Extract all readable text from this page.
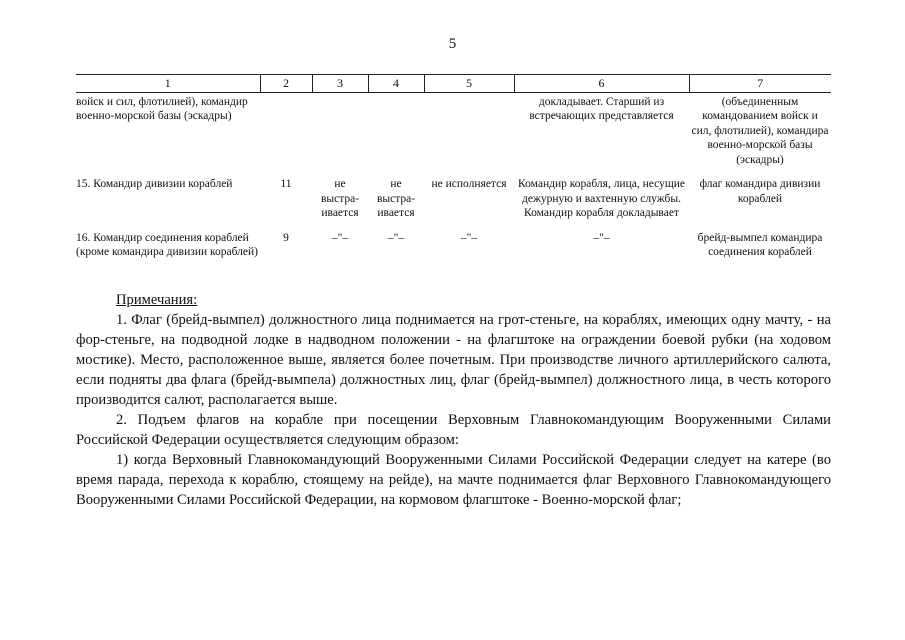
5
1	2	3	4	5	6	7
войск и сил, флотилией), командир военно-морской базы (эскадры)					докладывает. Старший из встречающих представляется	(объединенным командованием войск и сил, флотилией), командира военно-морской базы (эскадры)
15. Командир дивизии кораблей	11	не выстра-ивается	не выстра-ивается	не исполняется	Командир корабля, лица, несущие дежурную и вахтенную службы. Командир корабля докладывает	флаг командира дивизии кораблей
16. Командир соединения кораблей (кроме командира дивизии кораблей)	9	–"–	–"–	–"–	–"–	брейд-вымпел командира соединения кораблей

Примечания:

1. Флаг (брейд-вымпел) должностного лица поднимается на грот-стеньге, на кораблях, имеющих одну мачту, - на фор-стеньге, на подводной лодке в надводном положении - на флагштоке на ограждении боевой рубки (на ходовом мостике). Место, расположенное выше, является более почетным. При производстве личного артиллерийского салюта, если подняты два флага (брейд-вымпела) должностных лиц, флаг (брейд-вымпел) должностного лица, в честь которого производится салют, располагается выше.

2. Подъем флагов на корабле при посещении Верховным Главнокомандующим Вооруженными Силами Российской Федерации осуществляется следующим образом:

1) когда Верховный Главнокомандующий Вооруженными Силами Российской Федерации следует на катере (во время парада, перехода к кораблю, стоящему на рейде), на мачте поднимается флаг Верховного Главнокомандующего Вооруженными Силами Российской Федерации, на кормовом флагштоке - Военно-морской флаг;
